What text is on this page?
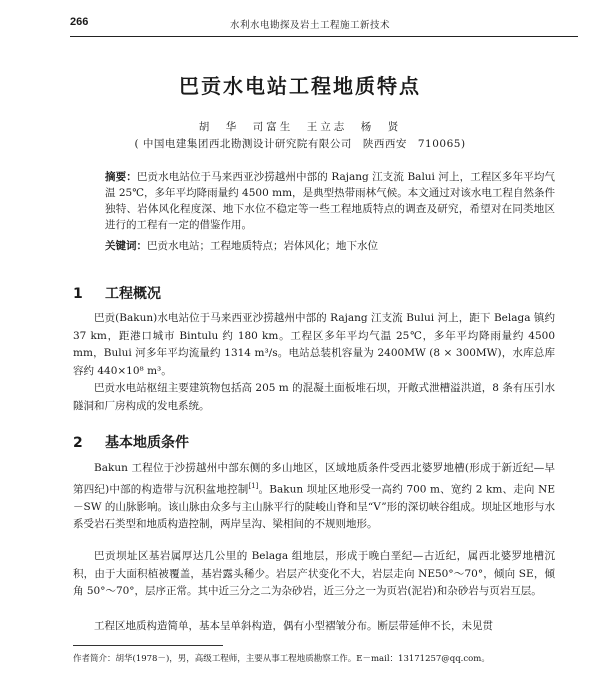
266	水利水电勘探及岩土工程施工新技术
巴贡水电站工程地质特点
胡　华　司富生　王立志　杨　贤
( 中国电建集团西北勘测设计研究院有限公司　陕西西安　710065)
摘要：巴贡水电站位于马来西亚沙捞越州中部的 Rajang 江支流 Balui 河上，工程区多年平均气温 25℃，多年平均降雨量约 4500 mm，是典型热带雨林气候。本文通过对该水电工程自然条件独特、岩体风化程度深、地下水位不稳定等一些工程地质特点的调查及研究，希望对在同类地区进行的工程有一定的借鉴作用。
关键词：巴贡水电站；工程地质特点；岩体风化；地下水位
1 工程概况

巴贡(Bakun)水电站位于马来西亚沙捞越州中部的 Rajang 江支流 Bului 河上，距下 Belaga 镇约 37 km，距港口城市 Bintulu 约 180 km。工程区多年平均气温 25℃，多年平均降雨量约 4500 mm，Bului 河多年平均流量约 1314 m³/s。电站总装机容量为 2400MW (8 × 300MW)，水库总库容约 440×10⁸ m³。

巴贡水电站枢纽主要建筑物包括高 205 m 的混凝土面板堆石坝，开敞式泄槽溢洪道，8 条有压引水隧洞和厂房构成的发电系统。

2 基本地质条件

Bakun 工程位于沙捞越州中部东侧的多山地区，区域地质条件受西北婆罗地槽(形成于新近纪—早第四纪)中部的构造带与沉积盆地控制[1]。Bakun 坝址区地形受一高约 700 m、宽约 2 km、走向 NE－SW 的山脉影响。该山脉由众多与主山脉平行的陡峻山脊和呈“V”形的深切峡谷组成。坝址区地形与水系受岩石类型和地质构造控制，两岸呈沟、梁相间的不规则地形。

巴贡坝址区基岩属厚达几公里的 Belaga 组地层，形成于晚白垩纪—古近纪，属西北婆罗地槽沉积，由于大面积植被覆盖，基岩露头稀少。岩层产状变化不大，岩层走向 NE50°～70°，倾向 SE，倾角 50°～70°，层序正常。其中近三分之二为杂砂岩，近三分之一为页岩(泥岩)和杂砂岩与页岩互层。

工程区地质构造简单，基本呈单斜构造，偶有小型褶皱分布。断层带延伸不长，未见贯

作者简介：胡华(1978－)，男，高级工程师，主要从事工程地质勘察工作。E－mail：13171257@qq.com。
